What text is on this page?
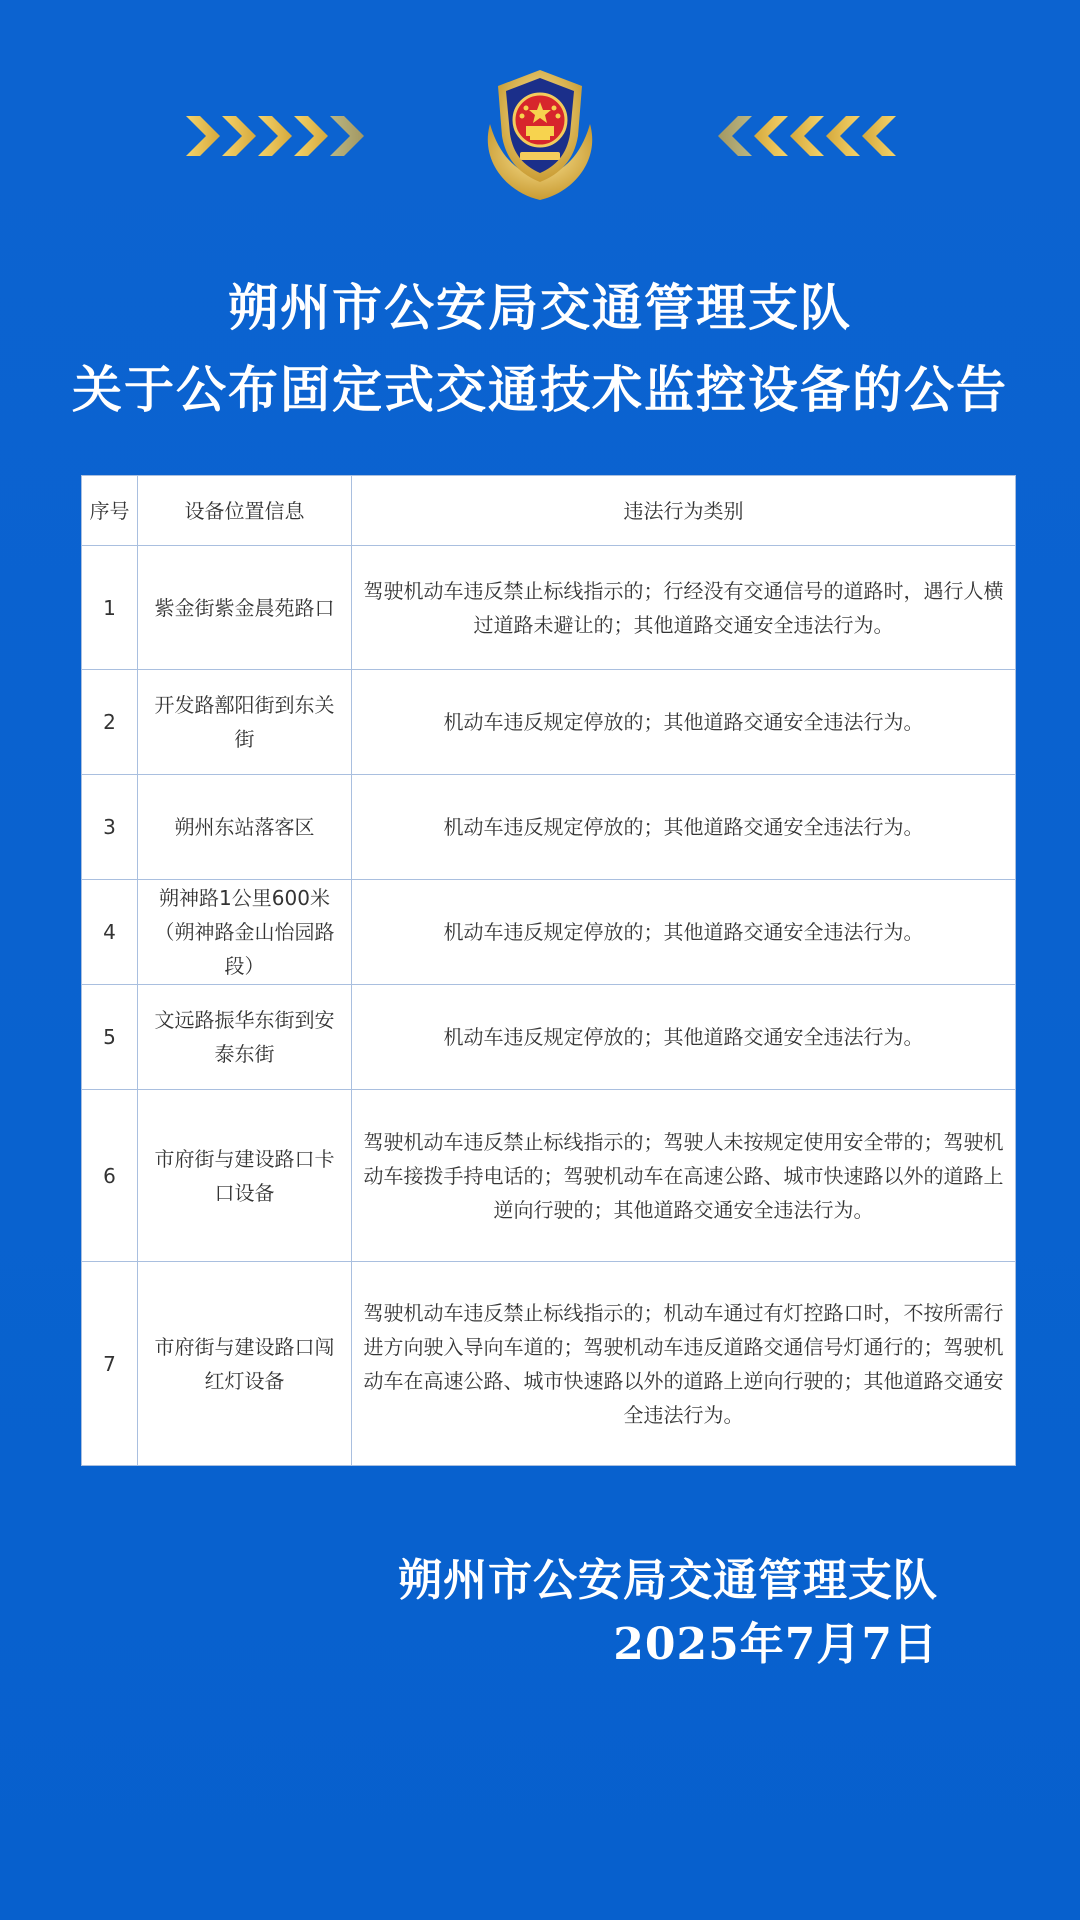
朔州市公安局交通管理支队
关于公布固定式交通技术监控设备的公告
序号	设备位置信息	违法行为类别
1	紫金街紫金晨苑路口	驾驶机动车违反禁止标线指示的；行经没有交通信号的道路时，遇行人横过道路未避让的；其他道路交通安全违法行为。
2	开发路鄯阳街到东关街	机动车违反规定停放的；其他道路交通安全违法行为。
3	朔州东站落客区	机动车违反规定停放的；其他道路交通安全违法行为。
4	朔神路1公里600米（朔神路金山怡园路段）	机动车违反规定停放的；其他道路交通安全违法行为。
5	文远路振华东街到安泰东街	机动车违反规定停放的；其他道路交通安全违法行为。
6	市府街与建设路口卡口设备	驾驶机动车违反禁止标线指示的；驾驶人未按规定使用安全带的；驾驶机动车接拨手持电话的；驾驶机动车在高速公路、城市快速路以外的道路上逆向行驶的；其他道路交通安全违法行为。
7	市府街与建设路口闯红灯设备	驾驶机动车违反禁止标线指示的；机动车通过有灯控路口时，不按所需行进方向驶入导向车道的；驾驶机动车违反道路交通信号灯通行的；驾驶机动车在高速公路、城市快速路以外的道路上逆向行驶的；其他道路交通安全违法行为。
朔州市公安局交通管理支队
2025年7月7日
